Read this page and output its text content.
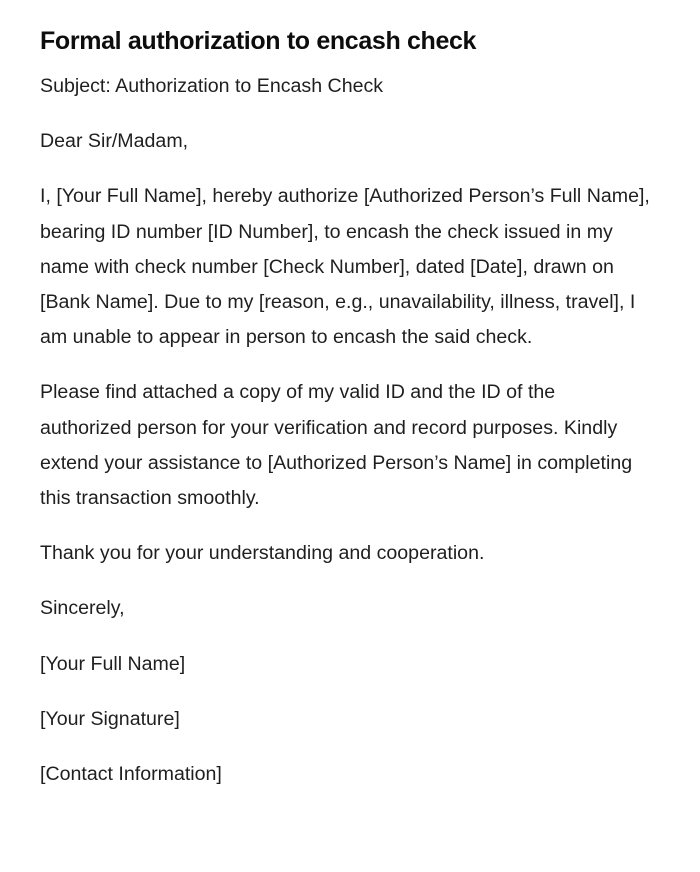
Formal authorization to encash check

Subject: Authorization to Encash Check

Dear Sir/Madam,

I, [Your Full Name], hereby authorize [Authorized Person’s Full Name], bearing ID number [ID Number], to encash the check issued in my name with check number [Check Number], dated [Date], drawn on [Bank Name]. Due to my [reason, e.g., unavailability, illness, travel], I am unable to appear in person to encash the said check.

Please find attached a copy of my valid ID and the ID of the authorized person for your verification and record purposes. Kindly extend your assistance to [Authorized Person’s Name] in completing this transaction smoothly.

Thank you for your understanding and cooperation.

Sincerely,

[Your Full Name]

[Your Signature]

[Contact Information]
